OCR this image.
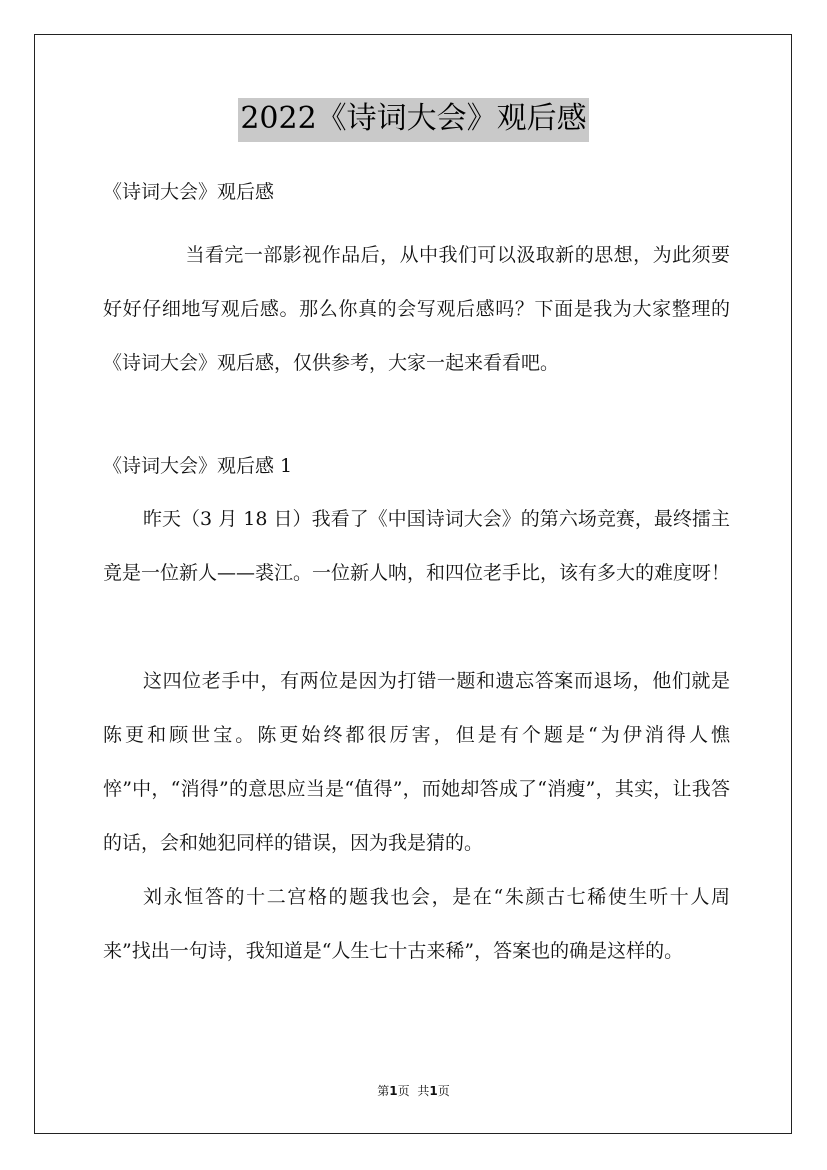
2022《诗词大会》观后感
《诗词大会》观后感
当看完一部影视作品后，从中我们可以汲取新的思想，为此须要好好仔细地写观后感。那么你真的会写观后感吗？下面是我为大家整理的《诗词大会》观后感，仅供参考，大家一起来看看吧。
《诗词大会》观后感 1
昨天（3 月 18 日）我看了《中国诗词大会》的第六场竞赛，最终擂主竟是一位新人——裘江。一位新人呐，和四位老手比，该有多大的难度呀！
这四位老手中，有两位是因为打错一题和遗忘答案而退场，他们就是陈更和顾世宝。陈更始终都很厉害，但是有个题是“为伊消得人憔悴”中，“消得”的意思应当是“值得”，而她却答成了“消瘦”，其实，让我答的话，会和她犯同样的错误，因为我是猜的。
刘永恒答的十二宫格的题我也会，是在“朱颜古七稀使生听十人周来”找出一句诗，我知道是“人生七十古来稀”，答案也的确是这样的。
第1页 共1页
